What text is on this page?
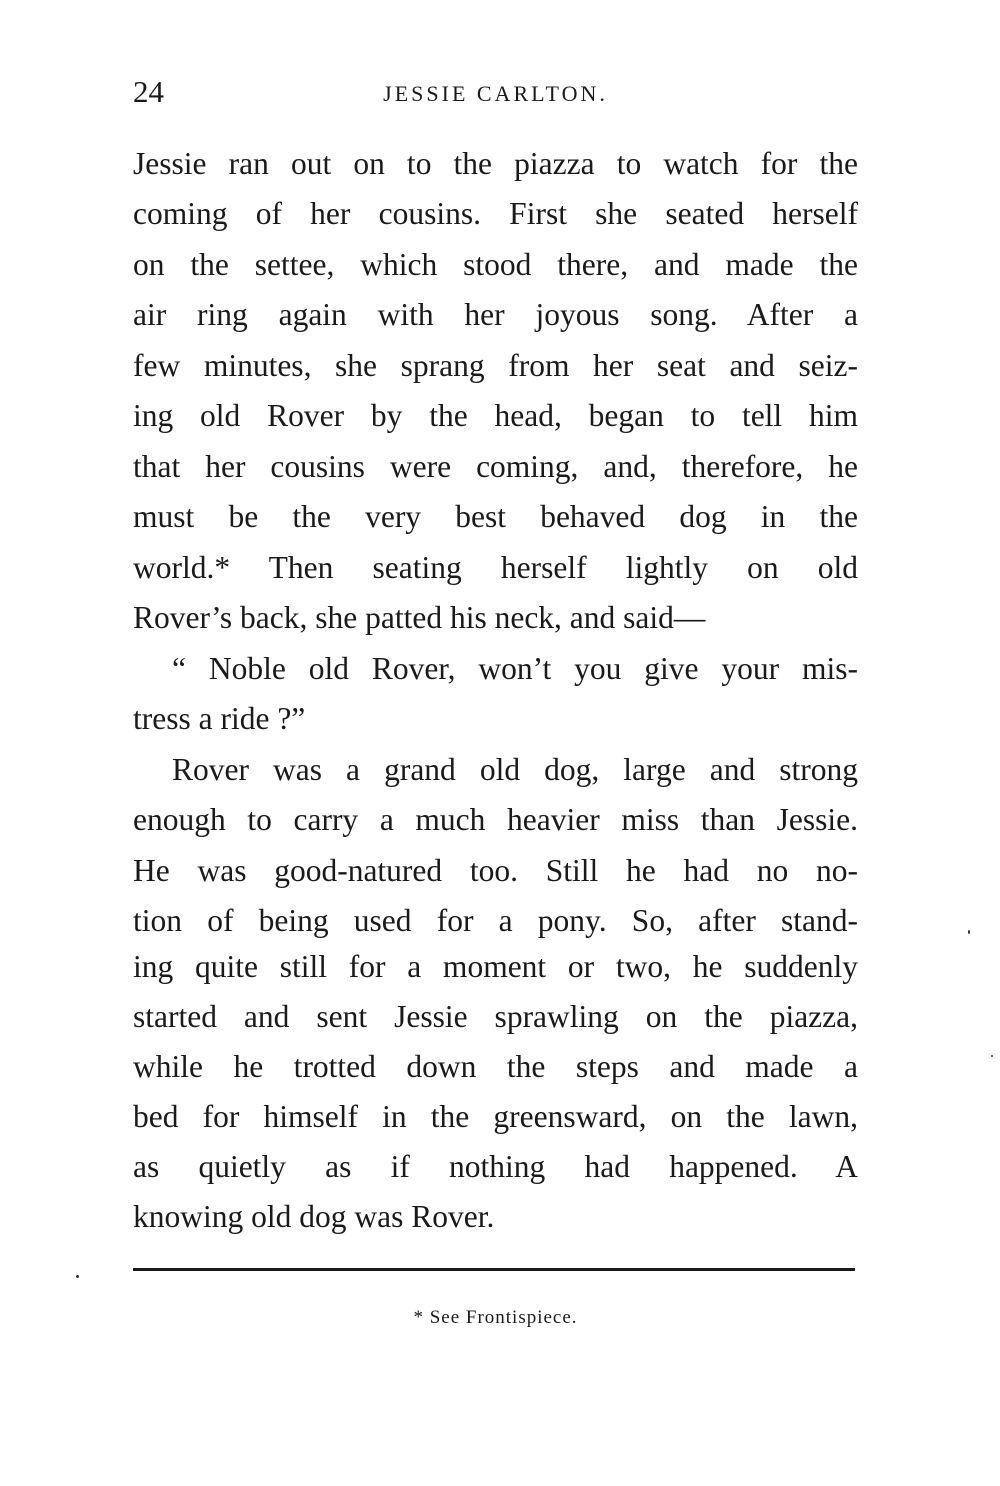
24	JESSIE CARLTON.
Jessie ran out on to the piazza to watch for the
coming of her cousins. First she seated herself
on the settee, which stood there, and made the
air ring again with her joyous song. After a
few minutes, she sprang from her seat and seiz-
ing old Rover by the head, began to tell him
that her cousins were coming, and, therefore, he
must be the very best behaved dog in the
world.* Then seating herself lightly on old
Rover’s back, she patted his neck, and said—
“ Noble old Rover, won’t you give your mis-
tress a ride ?”
Rover was a grand old dog, large and strong
enough to carry a much heavier miss than Jessie.
He was good-natured too. Still he had no no-
tion of being used for a pony. So, after stand-
ing quite still for a moment or two, he suddenly
started and sent Jessie sprawling on the piazza,
while he trotted down the steps and made a
bed for himself in the greensward, on the lawn,
as quietly as if nothing had happened. A
knowing old dog was Rover.
* See Frontispiece.
